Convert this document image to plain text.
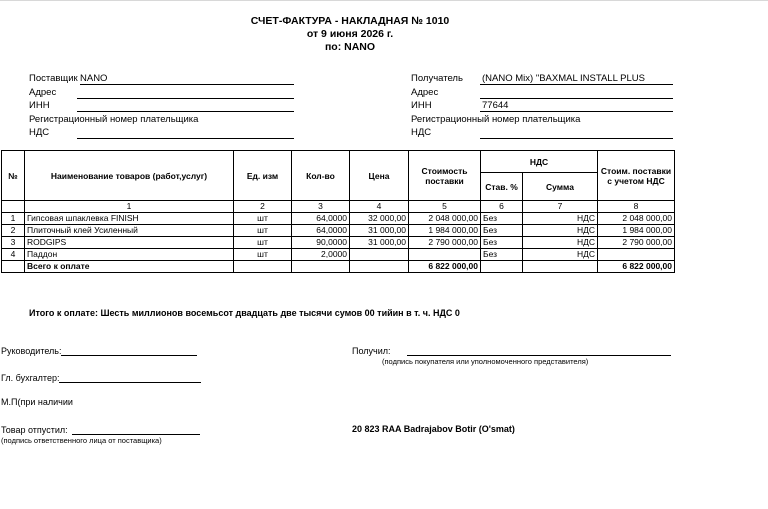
СЧЕТ-ФАКТУРА - НАКЛАДНАЯ № 1010
от 9 июня 2026 г.
по: NANO
Поставщик NANO
Адрес
ИНН
Регистрационный номер плательщика
НДС
Получатель (NANO Mix) "BAXMAL INSTALL PLUS
Адрес
ИНН	77644
Регистрационный номер плательщика
НДС
№	Наименование товаров (работ,услуг)	Ед. изм	Кол-во	Цена	Стоимость поставки	НДС		Стоим. поставки с учетом НДС
						Став. %	Сумма	
	1	2	3	4	5	6	7	8
1	Гипсовая шпаклевка FINISH	шт	64,0000	32 000,00	2 048 000,00	Без	НДС	2 048 000,00
2	Плиточный клей Усиленный	шт	64,0000	31 000,00	1 984 000,00	Без	НДС	1 984 000,00
3	RODGIPS	шт	90,0000	31 000,00	2 790 000,00	Без	НДС	2 790 000,00
4	Паддон	шт	2,0000			Без	НДС	
	Всего к оплате				6 822 000,00			6 822 000,00
Итого к оплате: Шесть миллионов восемьсот двадцать две тысячи сумов 00 тийин в т. ч. НДС 0
Руководитель:
Гл. бухгалтер:
М.П(при наличии
Товар отпустил:
(подпись ответственного лица от поставщика)
Получил:
(подпись покупателя или уполномоченного представителя)
20 823 RAA Badrajabov Botir (O'smat)
